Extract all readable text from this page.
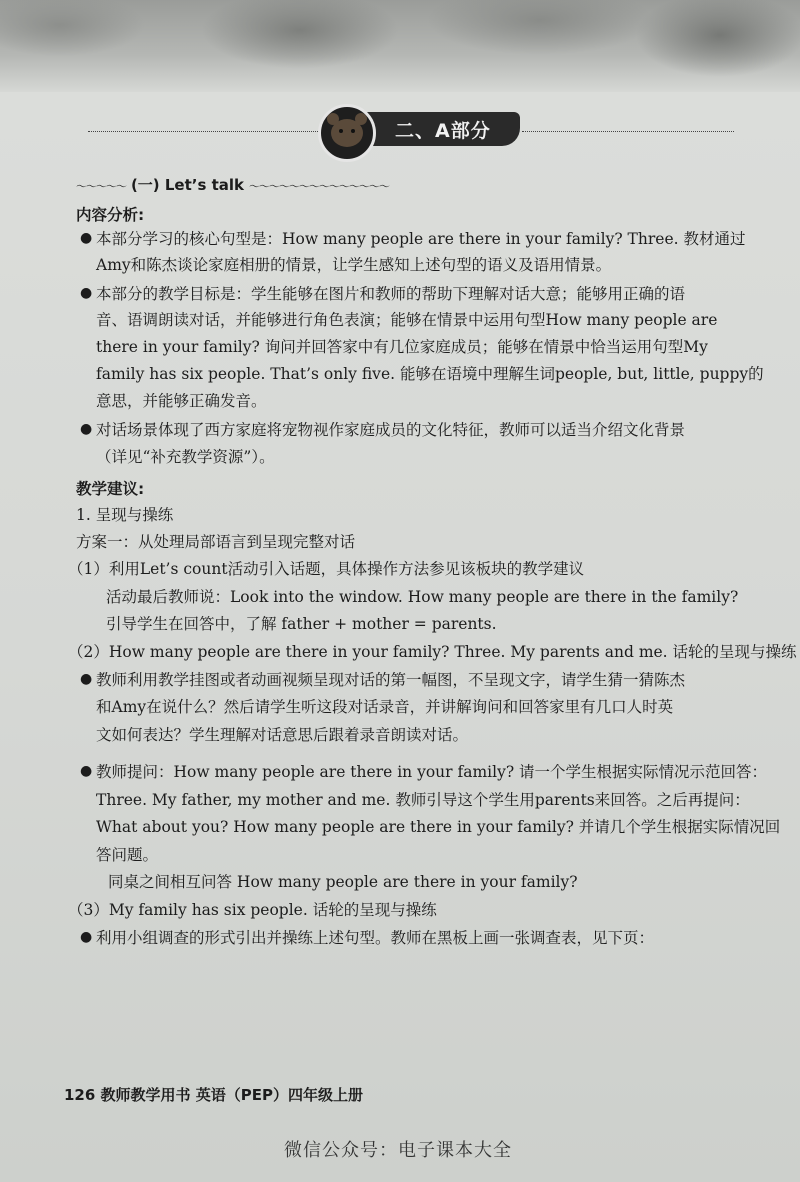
二、A部分
〜〜〜〜〜 (一) Let’s talk 〜〜〜〜〜〜〜〜〜〜〜〜〜〜
内容分析:
● 本部分学习的核心句型是：How many people are there in your family? Three. 教材通过
Amy和陈杰谈论家庭相册的情景，让学生感知上述句型的语义及语用情景。
● 本部分的教学目标是：学生能够在图片和教师的帮助下理解对话大意；能够用正确的语
音、语调朗读对话，并能够进行角色表演；能够在情景中运用句型How many people are
there in your family? 询问并回答家中有几位家庭成员；能够在情景中恰当运用句型My
family has six people. That’s only five. 能够在语境中理解生词people, but, little, puppy的
意思，并能够正确发音。
● 对话场景体现了西方家庭将宠物视作家庭成员的文化特征，教师可以适当介绍文化背景
（详见“补充教学资源”）。
教学建议:
1. 呈现与操练
方案一：从处理局部语言到呈现完整对话
（1）利用Let’s count活动引入话题，具体操作方法参见该板块的教学建议
活动最后教师说：Look into the window. How many people are there in the family?
引导学生在回答中，了解 father + mother = parents.
（2）How many people are there in your family? Three. My parents and me. 话轮的呈现与操练
● 教师利用教学挂图或者动画视频呈现对话的第一幅图，不呈现文字，请学生猜一猜陈杰
和Amy在说什么？然后请学生听这段对话录音，并讲解询问和回答家里有几口人时英
文如何表达？学生理解对话意思后跟着录音朗读对话。
● 教师提问：How many people are there in your family? 请一个学生根据实际情况示范回答：
Three. My father, my mother and me. 教师引导这个学生用parents来回答。之后再提问：
What about you? How many people are there in your family? 并请几个学生根据实际情况回
答问题。
同桌之间相互问答 How many people are there in your family?
（3）My family has six people. 话轮的呈现与操练
● 利用小组调查的形式引出并操练上述句型。教师在黑板上画一张调查表，见下页：
126 教师教学用书 英语（PEP）四年级上册
微信公众号：电子课本大全
